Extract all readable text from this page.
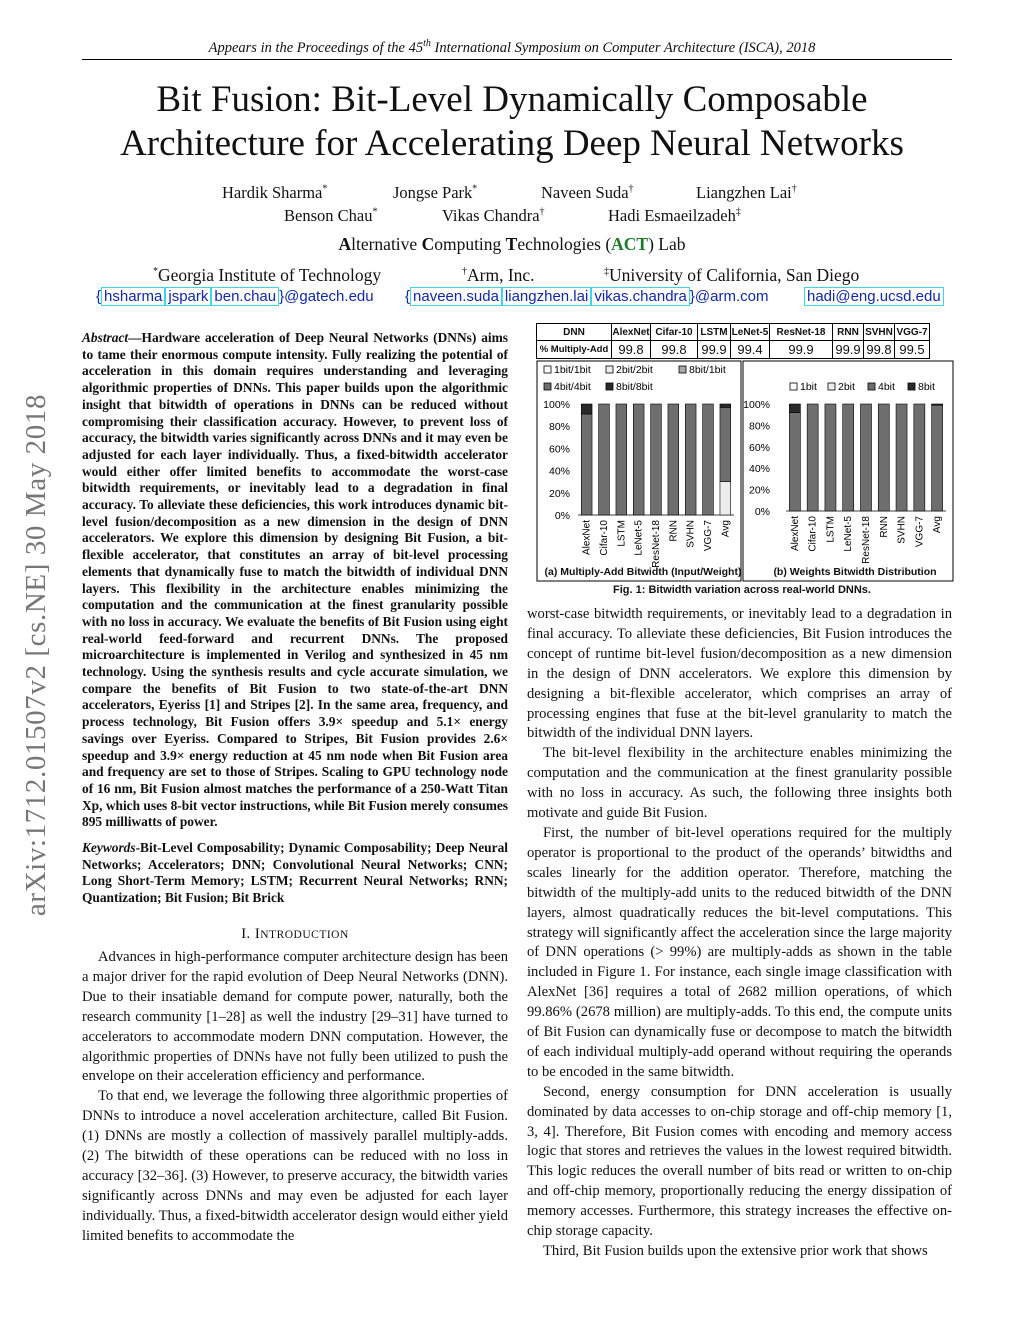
Appears in the Proceedings of the 45th International Symposium on Computer Architecture (ISCA), 2018
Bit Fusion: Bit-Level Dynamically Composable
Architecture for Accelerating Deep Neural Networks
Hardik Sharma*	Jongse Park*	Naveen Suda†	Liangzhen Lai†
Benson Chau*	Vikas Chandra†	Hadi Esmaeilzadeh‡
Alternative Computing Technologies (ACT) Lab
*Georgia Institute of Technology	†Arm, Inc.	‡University of California, San Diego
{ hsharma jspark ben.chau }@gatech.edu { naveen.suda liangzhen.lai vikas.chandra }@arm.com	hadi@eng.ucsd.edu
arXiv:1712.01507v2 [cs.NE] 30 May 2018
Abstract—Hardware acceleration of Deep Neural Networks (DNNs) aims to tame their enormous compute intensity. Fully realizing the potential of acceleration in this domain requires understanding and leveraging algorithmic properties of DNNs. This paper builds upon the algorithmic insight that bitwidth of operations in DNNs can be reduced without compromising their classification accuracy. However, to prevent loss of accuracy, the bitwidth varies significantly across DNNs and it may even be adjusted for each layer individually. Thus, a fixed-bitwidth accelerator would either offer limited benefits to accommodate the worst-case bitwidth requirements, or inevitably lead to a degradation in final accuracy. To alleviate these deficiencies, this work introduces dynamic bit-level fusion/decomposition as a new dimension in the design of DNN accelerators. We explore this dimension by designing Bit Fusion, a bit-flexible accelerator, that constitutes an array of bit-level processing elements that dynamically fuse to match the bitwidth of individual DNN layers. This flexibility in the architecture enables minimizing the computation and the communication at the finest granularity possible with no loss in accuracy. We evaluate the benefits of Bit Fusion using eight real-world feed-forward and recurrent DNNs. The proposed microarchitecture is implemented in Verilog and synthesized in 45 nm technology. Using the synthesis results and cycle accurate simulation, we compare the benefits of Bit Fusion to two state-of-the-art DNN accelerators, Eyeriss [1] and Stripes [2]. In the same area, frequency, and process technology, Bit Fusion offers 3.9× speedup and 5.1× energy savings over Eyeriss. Compared to Stripes, Bit Fusion provides 2.6× speedup and 3.9× energy reduction at 45 nm node when Bit Fusion area and frequency are set to those of Stripes. Scaling to GPU technology node of 16 nm, Bit Fusion almost matches the performance of a 250-Watt Titan Xp, which uses 8-bit vector instructions, while Bit Fusion merely consumes 895 milliwatts of power.
Keywords-Bit-Level Composability; Dynamic Composability; Deep Neural Networks; Accelerators; DNN; Convolutional Neural Networks; CNN; Long Short-Term Memory; LSTM; Recurrent Neural Networks; RNN; Quantization; Bit Fusion; Bit Brick
I. INTRODUCTION

Advances in high-performance computer architecture design has been a major driver for the rapid evolution of Deep Neural Networks (DNN). Due to their insatiable demand for compute power, naturally, both the research community [1–28] as well the industry [29–31] have turned to accelerators to accommodate modern DNN computation. However, the algorithmic properties of DNNs have not fully been utilized to push the envelope on their acceleration efficiency and performance.

To that end, we leverage the following three algorithmic properties of DNNs to introduce a novel acceleration architecture, called Bit Fusion. (1) DNNs are mostly a collection of massively parallel multiply-adds. (2) The bitwidth of these operations can be reduced with no loss in accuracy [32–36]. (3) However, to preserve accuracy, the bitwidth varies significantly across DNNs and may even be adjusted for each layer individually. Thus, a fixed-bitwidth accelerator design would either yield limited benefits to accommodate the

DNN	AlexNet	Cifar-10	LSTM	LeNet-5	ResNet-18	RNN	SVHN	VGG-7
% Multiply-Add	99.8	99.8	99.9	99.4	99.9	99.9	99.8	99.5
1bit/1bit 2bit/2bit	8bit/1bit
4bit/4bit 8bit/8bit
100%
80%
60%
40%
20%
0%
AlexNet Cifar-10 LSTM LeNet-5 ResNet-18 RNN SVHN VGG-7 Avg
1bit 2bit 4bit 8bit
100%
80%
60%
40%
20%
0%
AlexNet Cifar-10 LSTM LeNet-5 ResNet-18 RNN SVHN VGG-7 Avg
(a) Multiply-Add Bitwidth (Input/Weight)	(b) Weights Bitwidth Distribution
Fig. 1: Bitwidth variation across real-world DNNs.

worst-case bitwidth requirements, or inevitably lead to a degradation in final accuracy. To alleviate these deficiencies, Bit Fusion introduces the concept of runtime bit-level fusion/decomposition as a new dimension in the design of DNN accelerators. We explore this dimension by designing a bit-flexible accelerator, which comprises an array of processing engines that fuse at the bit-level granularity to match the bitwidth of the individual DNN layers.

The bit-level flexibility in the architecture enables minimizing the computation and the communication at the finest granularity possible with no loss in accuracy. As such, the following three insights both motivate and guide Bit Fusion.

First, the number of bit-level operations required for the multiply operator is proportional to the product of the operands’ bitwidths and scales linearly for the addition operator. Therefore, matching the bitwidth of the multiply-add units to the reduced bitwidth of the DNN layers, almost quadratically reduces the bit-level computations. This strategy will significantly affect the acceleration since the large majority of DNN operations (> 99%) are multiply-adds as shown in the table included in Figure 1. For instance, each single image classification with AlexNet [36] requires a total of 2682 million operations, of which 99.86% (2678 million) are multiply-adds. To this end, the compute units of Bit Fusion can dynamically fuse or decompose to match the bitwidth of each individual multiply-add operand without requiring the operands to be encoded in the same bitwidth.

Second, energy consumption for DNN acceleration is usually dominated by data accesses to on-chip storage and off-chip memory [1, 3, 4]. Therefore, Bit Fusion comes with encoding and memory access logic that stores and retrieves the values in the lowest required bitwidth. This logic reduces the overall number of bits read or written to on-chip and off-chip memory, proportionally reducing the energy dissipation of memory accesses. Furthermore, this strategy increases the effective on-chip storage capacity.

Third, Bit Fusion builds upon the extensive prior work that shows
